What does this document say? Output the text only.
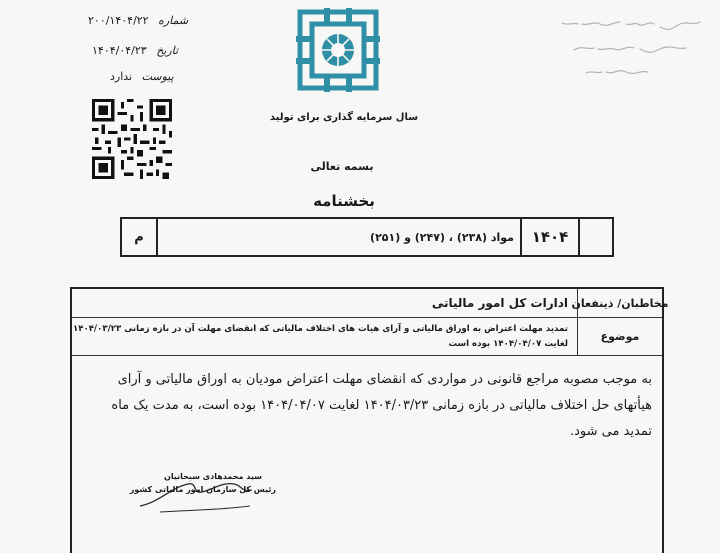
شماره ۲۰۰/۱۴۰۴/۲۲
تاریخ ۱۴۰۴/۰۴/۲۳
پیوست ندارد
سال سرمایه گذاری برای تولید
بسمه تعالی
بخشنامه
۱۴۰۴
مواد (۲۳۸) ، (۲۴۷) و (۲۵۱)
م
مخاطبان/ ذینفعان
ادارات کل امور مالیاتی
موضوع
تمدید مهلت اعتراض به اوراق مالیاتی و آرای هیات های اختلاف مالیاتی که انقضای مهلت آن در بازه زمانی ۱۴۰۴/۰۳/۲۳
لغایت ۱۴۰۴/۰۴/۰۷ بوده است
به موجب مصوبه مراجع قانونی در مواردی که انقضای مهلت اعتراض مودیان به اوراق مالیاتی و آرای هیأتهای حل اختلاف مالیاتی در بازه زمانی ۱۴۰۴/۰۳/۲۳ لغایت ۱۴۰۴/۰۴/۰۷ بوده است، به مدت یک ماه تمدید می شود.
سید محمدهادی سبحانیان
رئیس کل سازمان امور مالیاتی کشور
